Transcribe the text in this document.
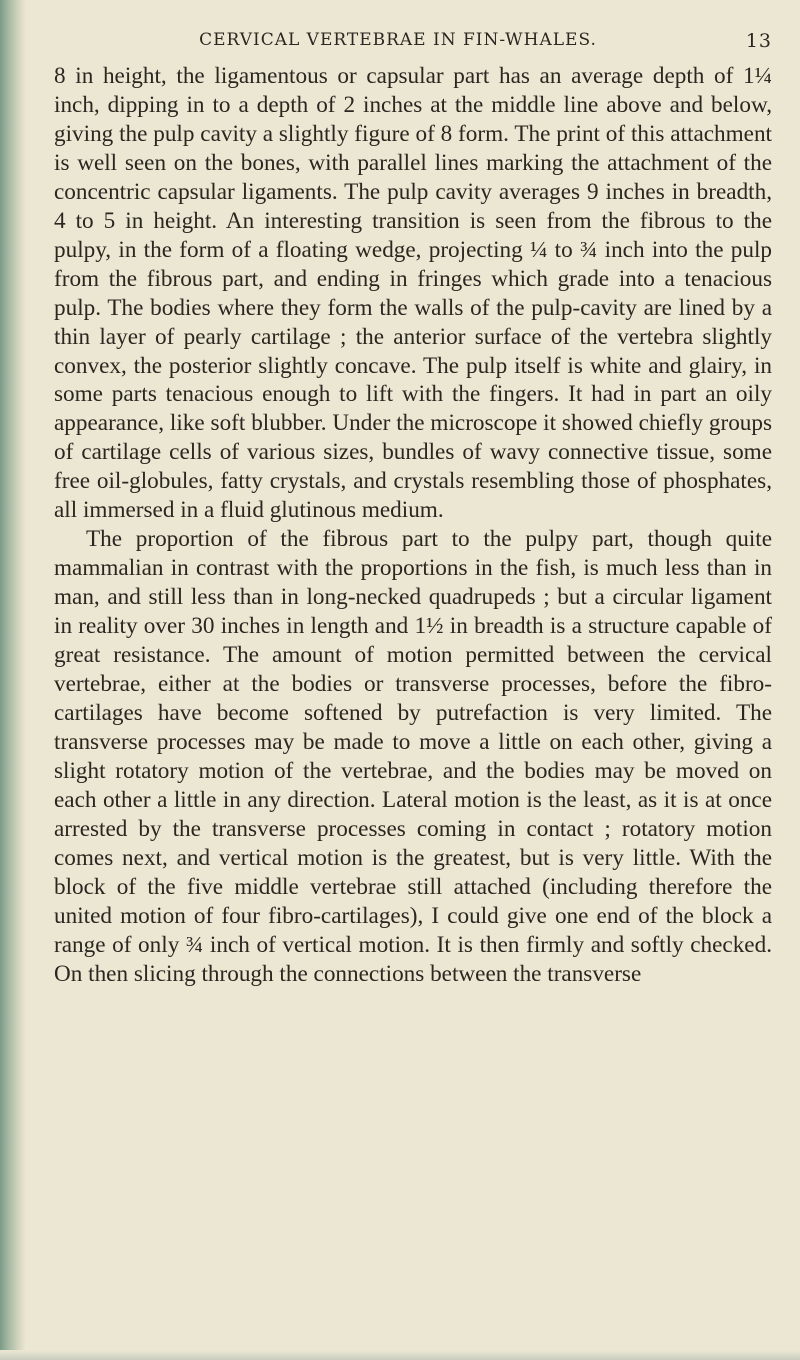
CERVICAL VERTEBRAE IN FIN-WHALES.	13

8 in height, the ligamentous or capsular part has an average depth of 1¼ inch, dipping in to a depth of 2 inches at the middle line above and below, giving the pulp cavity a slightly figure of 8 form. The print of this attachment is well seen on the bones, with parallel lines marking the attachment of the concentric capsular ligaments. The pulp cavity averages 9 inches in breadth, 4 to 5 in height. An interesting transition is seen from the fibrous to the pulpy, in the form of a floating wedge, projecting ¼ to ¾ inch into the pulp from the fibrous part, and ending in fringes which grade into a tenacious pulp. The bodies where they form the walls of the pulp-cavity are lined by a thin layer of pearly cartilage ; the anterior surface of the vertebra slightly convex, the posterior slightly concave. The pulp itself is white and glairy, in some parts tenacious enough to lift with the fingers. It had in part an oily appearance, like soft blubber. Under the microscope it showed chiefly groups of cartilage cells of various sizes, bundles of wavy connective tissue, some free oil-globules, fatty crystals, and crystals resembling those of phosphates, all immersed in a fluid glutinous medium.

The proportion of the fibrous part to the pulpy part, though quite mammalian in contrast with the proportions in the fish, is much less than in man, and still less than in long-necked quadrupeds ; but a circular ligament in reality over 30 inches in length and 1½ in breadth is a structure capable of great resistance. The amount of motion permitted between the cervical vertebrae, either at the bodies or transverse processes, before the fibro-cartilages have become softened by putrefaction is very limited. The transverse processes may be made to move a little on each other, giving a slight rotatory motion of the vertebrae, and the bodies may be moved on each other a little in any direction. Lateral motion is the least, as it is at once arrested by the transverse processes coming in contact ; rotatory motion comes next, and vertical motion is the greatest, but is very little. With the block of the five middle vertebrae still attached (including therefore the united motion of four fibro-cartilages), I could give one end of the block a range of only ¾ inch of vertical motion. It is then firmly and softly checked. On then slicing through the connections between the transverse
